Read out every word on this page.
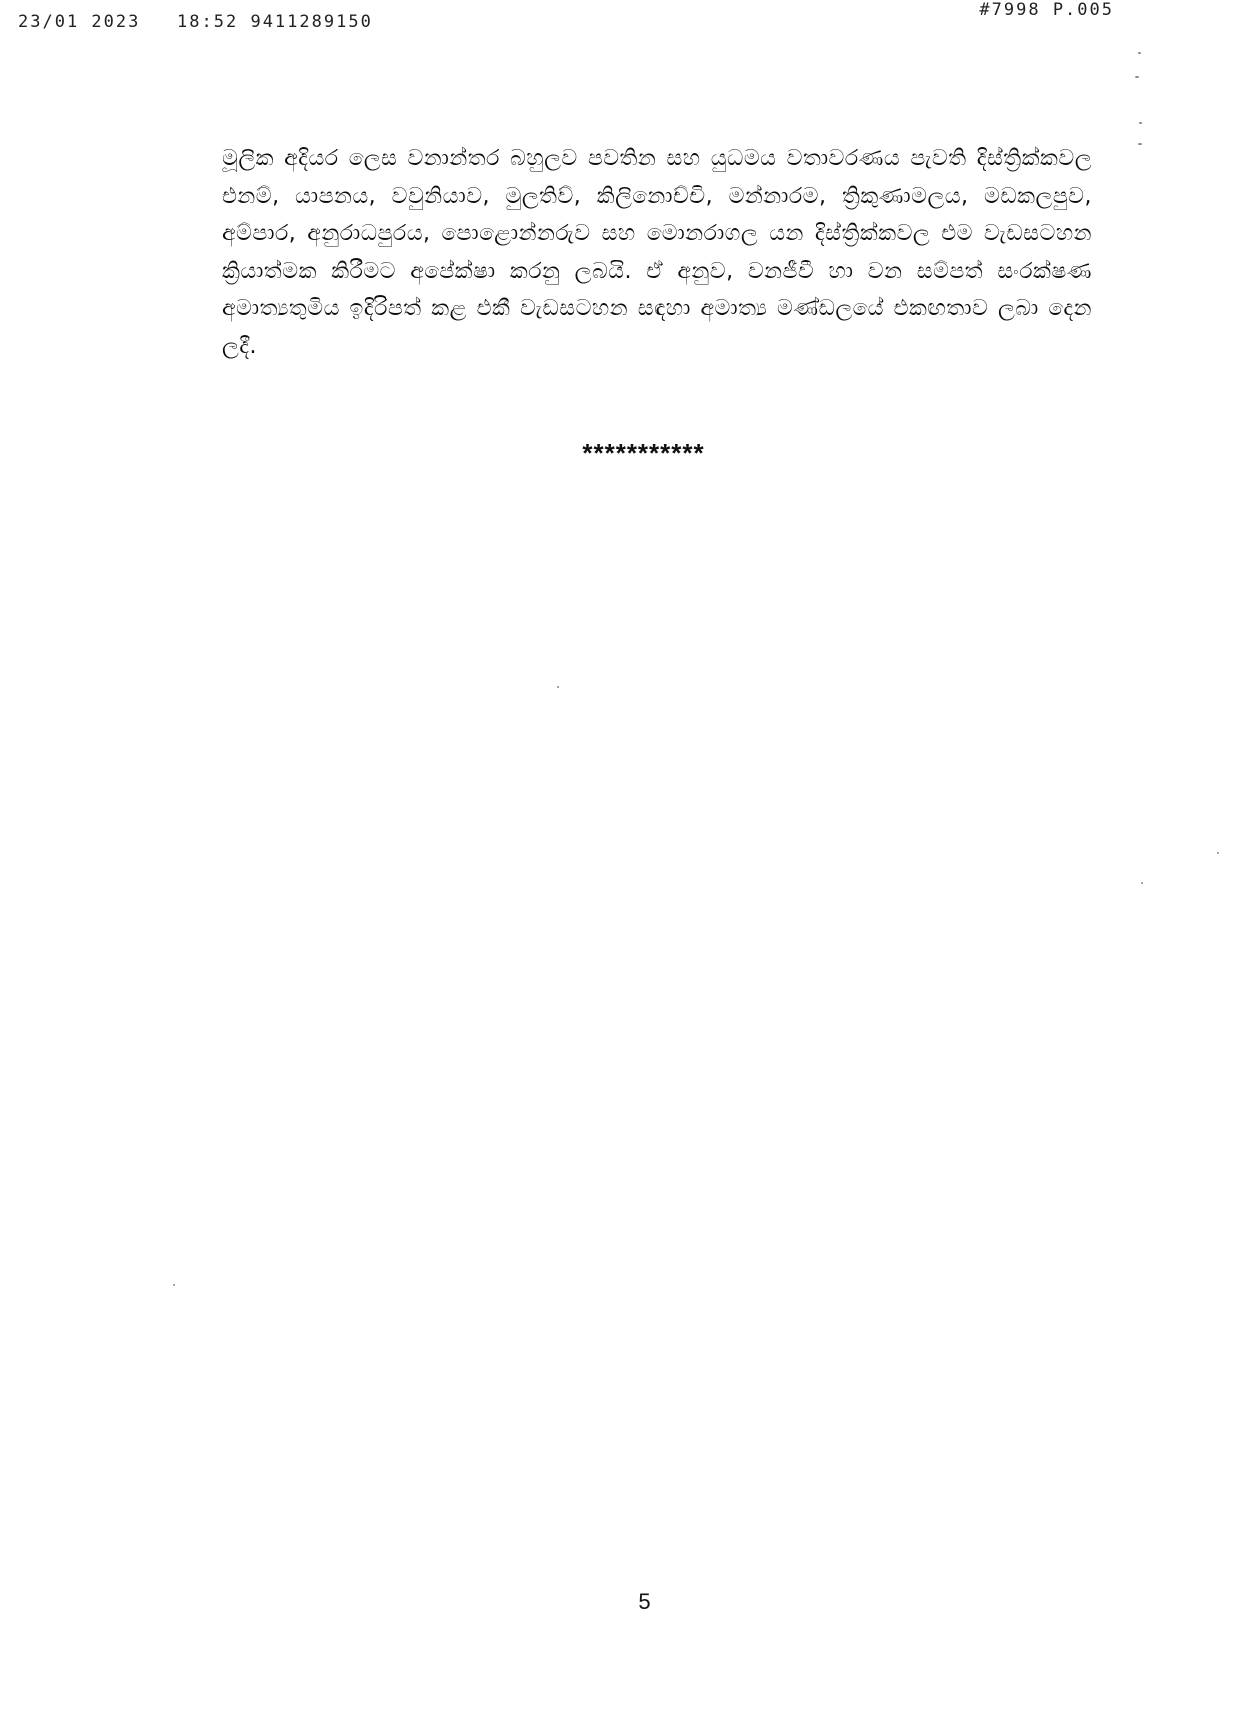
23/01 2023   18:52 9411289150
#7998 P.005
මූලික අදියර ලෙස වනාන්තර බහුලව පවතින සහ යුධමය වතාවරණය පැවති දිස්ත්‍රික්කවල එනම්, යාපනය, වවුනියාව, මුලතිව්, කිලිනොච්චි, මන්නාරම, ත්‍රිකුණාමලය, මඩකලපුව, අම්පාර, අනුරාධපුරය, පොළොන්නරුව සහ මොනරාගල යන දිස්ත්‍රික්කවල එම වැඩසටහන ක්‍රියාත්මක කිරීමට අපේක්ෂා කරනු ලබයි. ඒ අනුව, වනජීවී හා වන සම්පත් සංරක්ෂණ අමාත්‍යතුමිය ඉදිරිපත් කළ එකී වැඩසටහන සඳහා අමාත්‍ය මණ්ඩලයේ එකඟතාව ලබා දෙන ලදී.
***********
5
